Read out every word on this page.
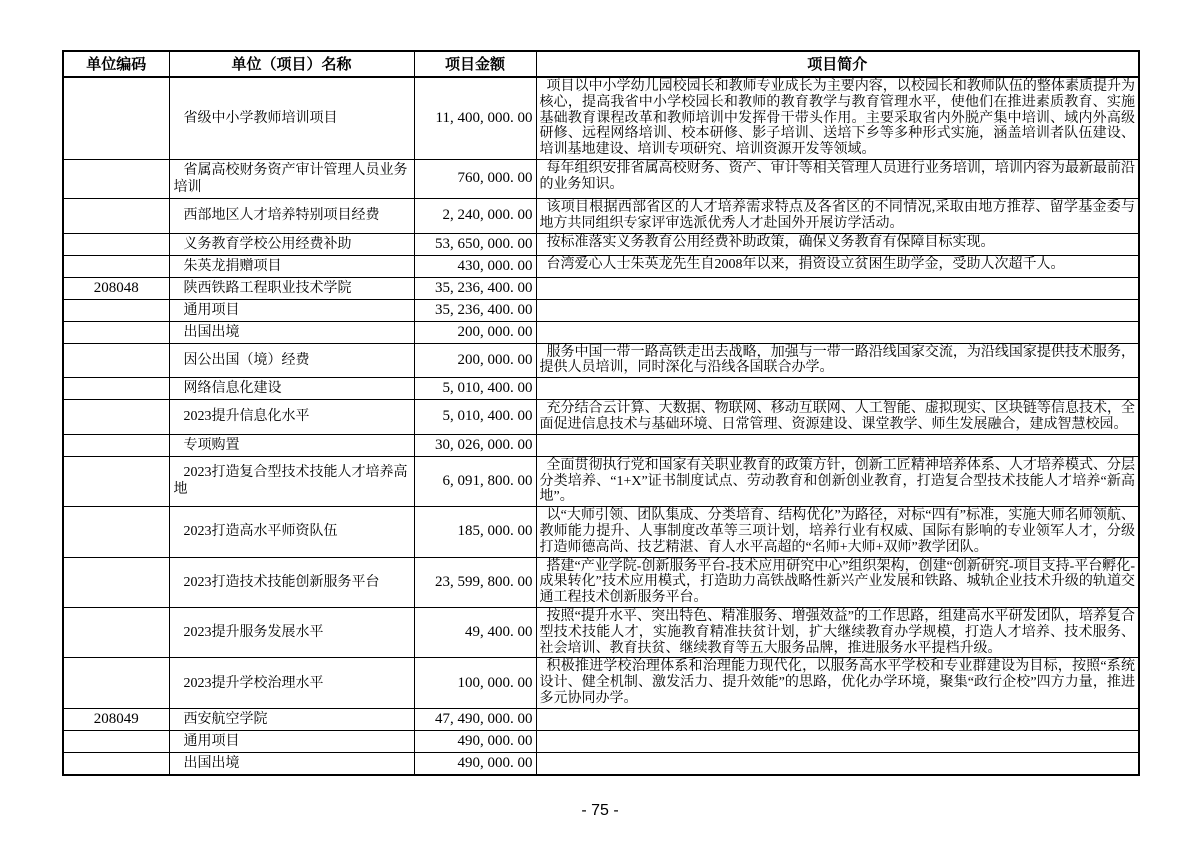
单位编码	单位（项目）名称	项目金额	项目简介

	省级中小学教师培训项目	11, 400, 000. 00	项目以中小学幼儿园校园长和教师专业成长为主要内容，以校园长和教师队伍的整体素质提升为核心，提高我省中小学校园长和教师的教育教学与教育管理水平，使他们在推进素质教育、实施基础教育课程改革和教师培训中发挥骨干带头作用。主要采取省内外脱产集中培训、域内外高级研修、远程网络培训、校本研修、影子培训、送培下乡等多种形式实施，涵盖培训者队伍建设、培训基地建设、培训专项研究、培训资源开发等领域。

	省属高校财务资产审计管理人员业务培训	760, 000. 00	每年组织安排省属高校财务、资产、审计等相关管理人员进行业务培训，培训内容为最新最前沿的业务知识。

	西部地区人才培养特别项目经费	2, 240, 000. 00	该项目根据西部省区的人才培养需求特点及各省区的不同情况,采取由地方推荐、留学基金委与地方共同组织专家评审选派优秀人才赴国外开展访学活动。

	义务教育学校公用经费补助	53, 650, 000. 00	按标准落实义务教育公用经费补助政策，确保义务教育有保障目标实现。

	朱英龙捐赠项目	430, 000. 00	台湾爱心人士朱英龙先生自2008年以来，捐资设立贫困生助学金，受助人次超千人。

208048	陕西铁路工程职业技术学院	35, 236, 400. 00	

	通用项目	35, 236, 400. 00	

	出国出境	200, 000. 00	

	因公出国（境）经费	200, 000. 00	服务中国一带一路高铁走出去战略，加强与一带一路沿线国家交流，为沿线国家提供技术服务，提供人员培训，同时深化与沿线各国联合办学。

	网络信息化建设	5, 010, 400. 00	

	2023提升信息化水平	5, 010, 400. 00	充分结合云计算、大数据、物联网、移动互联网、人工智能、虚拟现实、区块链等信息技术，全面促进信息技术与基础环境、日常管理、资源建设、课堂教学、师生发展融合，建成智慧校园。

	专项购置	30, 026, 000. 00	

	2023打造复合型技术技能人才培养高地	6, 091, 800. 00	全面贯彻执行党和国家有关职业教育的政策方针，创新工匠精神培养体系、人才培养模式、分层分类培养、“1+X”证书制度试点、劳动教育和创新创业教育，打造复合型技术技能人才培养“新高地”。

	2023打造高水平师资队伍	185, 000. 00	以“大师引领、团队集成、分类培育、结构优化”为路径，对标“四有”标准，实施大师名师领航、教师能力提升、人事制度改革等三项计划，培养行业有权威、国际有影响的专业领军人才，分级打造师德高尚、技艺精湛、育人水平高超的“名师+大师+双师”教学团队。

	2023打造技术技能创新服务平台	23, 599, 800. 00	搭建“产业学院-创新服务平台-技术应用研究中心”组织架构，创建“创新研究-项目支持-平台孵化-成果转化”技术应用模式，打造助力高铁战略性新兴产业发展和铁路、城轨企业技术升级的轨道交通工程技术创新服务平台。

	2023提升服务发展水平	49, 400. 00	按照“提升水平、突出特色、精准服务、增强效益”的工作思路，组建高水平研发团队，培养复合型技术技能人才，实施教育精准扶贫计划，扩大继续教育办学规模，打造人才培养、技术服务、社会培训、教育扶贫、继续教育等五大服务品牌，推进服务水平提档升级。

	2023提升学校治理水平	100, 000. 00	积极推进学校治理体系和治理能力现代化，以服务高水平学校和专业群建设为目标，按照“系统设计、健全机制、激发活力、提升效能”的思路，优化办学环境，聚集“政行企校”四方力量，推进多元协同办学。

208049	西安航空学院	47, 490, 000. 00	

	通用项目	490, 000. 00	

	出国出境	490, 000. 00	

- 75 -
